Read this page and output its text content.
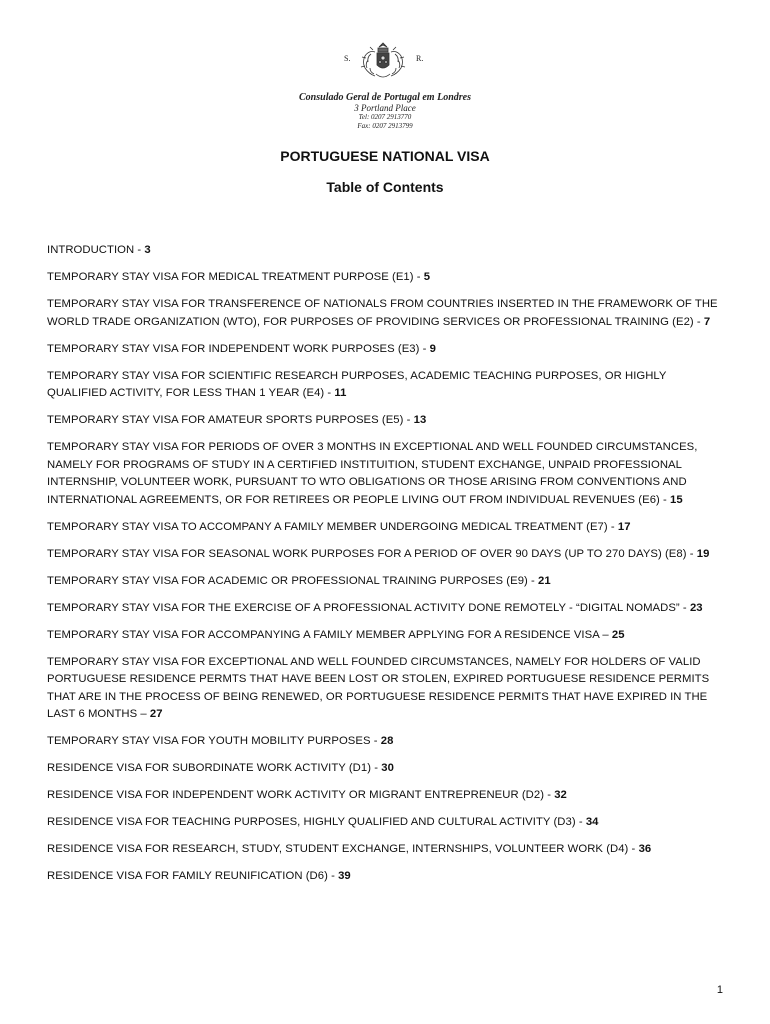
S.	R.
Consulado Geral de Portugal em Londres
3 Portland Place
Tel: 0207 2913770
Fax: 0207 2913799
PORTUGUESE NATIONAL VISA
Table of Contents
INTRODUCTION - 3
TEMPORARY STAY VISA FOR MEDICAL TREATMENT PURPOSE (E1) - 5
TEMPORARY STAY VISA FOR TRANSFERENCE OF NATIONALS FROM COUNTRIES INSERTED IN THE FRAMEWORK OF THE WORLD TRADE ORGANIZATION (WTO), FOR PURPOSES OF PROVIDING SERVICES OR PROFESSIONAL TRAINING (E2) - 7
TEMPORARY STAY VISA FOR INDEPENDENT WORK PURPOSES (E3) - 9
TEMPORARY STAY VISA FOR SCIENTIFIC RESEARCH PURPOSES, ACADEMIC TEACHING PURPOSES, OR HIGHLY QUALIFIED ACTIVITY, FOR LESS THAN 1 YEAR (E4) - 11
TEMPORARY STAY VISA FOR AMATEUR SPORTS PURPOSES (E5) - 13
TEMPORARY STAY VISA FOR PERIODS OF OVER 3 MONTHS IN EXCEPTIONAL AND WELL FOUNDED CIRCUMSTANCES, NAMELY FOR PROGRAMS OF STUDY IN A CERTIFIED INSTITUITION, STUDENT EXCHANGE, UNPAID PROFESSIONAL INTERNSHIP, VOLUNTEER WORK, PURSUANT TO WTO OBLIGATIONS OR THOSE ARISING FROM CONVENTIONS AND INTERNATIONAL AGREEMENTS, OR FOR RETIREES OR PEOPLE LIVING OUT FROM INDIVIDUAL REVENUES (E6) - 15
TEMPORARY STAY VISA TO ACCOMPANY A FAMILY MEMBER UNDERGOING MEDICAL TREATMENT (E7) - 17
TEMPORARY STAY VISA FOR SEASONAL WORK PURPOSES FOR A PERIOD OF OVER 90 DAYS (UP TO 270 DAYS) (E8) - 19
TEMPORARY STAY VISA FOR ACADEMIC OR PROFESSIONAL TRAINING PURPOSES (E9) - 21
TEMPORARY STAY VISA FOR THE EXERCISE OF A PROFESSIONAL ACTIVITY DONE REMOTELY - “DIGITAL NOMADS” - 23
TEMPORARY STAY VISA FOR ACCOMPANYING A FAMILY MEMBER APPLYING FOR A RESIDENCE VISA – 25
TEMPORARY STAY VISA FOR EXCEPTIONAL AND WELL FOUNDED CIRCUMSTANCES, NAMELY FOR HOLDERS OF VALID PORTUGUESE RESIDENCE PERMTS THAT HAVE BEEN LOST OR STOLEN, EXPIRED PORTUGUESE RESIDENCE PERMITS THAT ARE IN THE PROCESS OF BEING RENEWED, OR PORTUGUESE RESIDENCE PERMITS THAT HAVE EXPIRED IN THE LAST 6 MONTHS – 27
TEMPORARY STAY VISA FOR YOUTH MOBILITY PURPOSES - 28
RESIDENCE VISA FOR SUBORDINATE WORK ACTIVITY (D1) - 30
RESIDENCE VISA FOR INDEPENDENT WORK ACTIVITY OR MIGRANT ENTREPRENEUR (D2) - 32
RESIDENCE VISA FOR TEACHING PURPOSES, HIGHLY QUALIFIED AND CULTURAL ACTIVITY (D3) - 34
RESIDENCE VISA FOR RESEARCH, STUDY, STUDENT EXCHANGE, INTERNSHIPS, VOLUNTEER WORK (D4) - 36
RESIDENCE VISA FOR FAMILY REUNIFICATION (D6) - 39
1
